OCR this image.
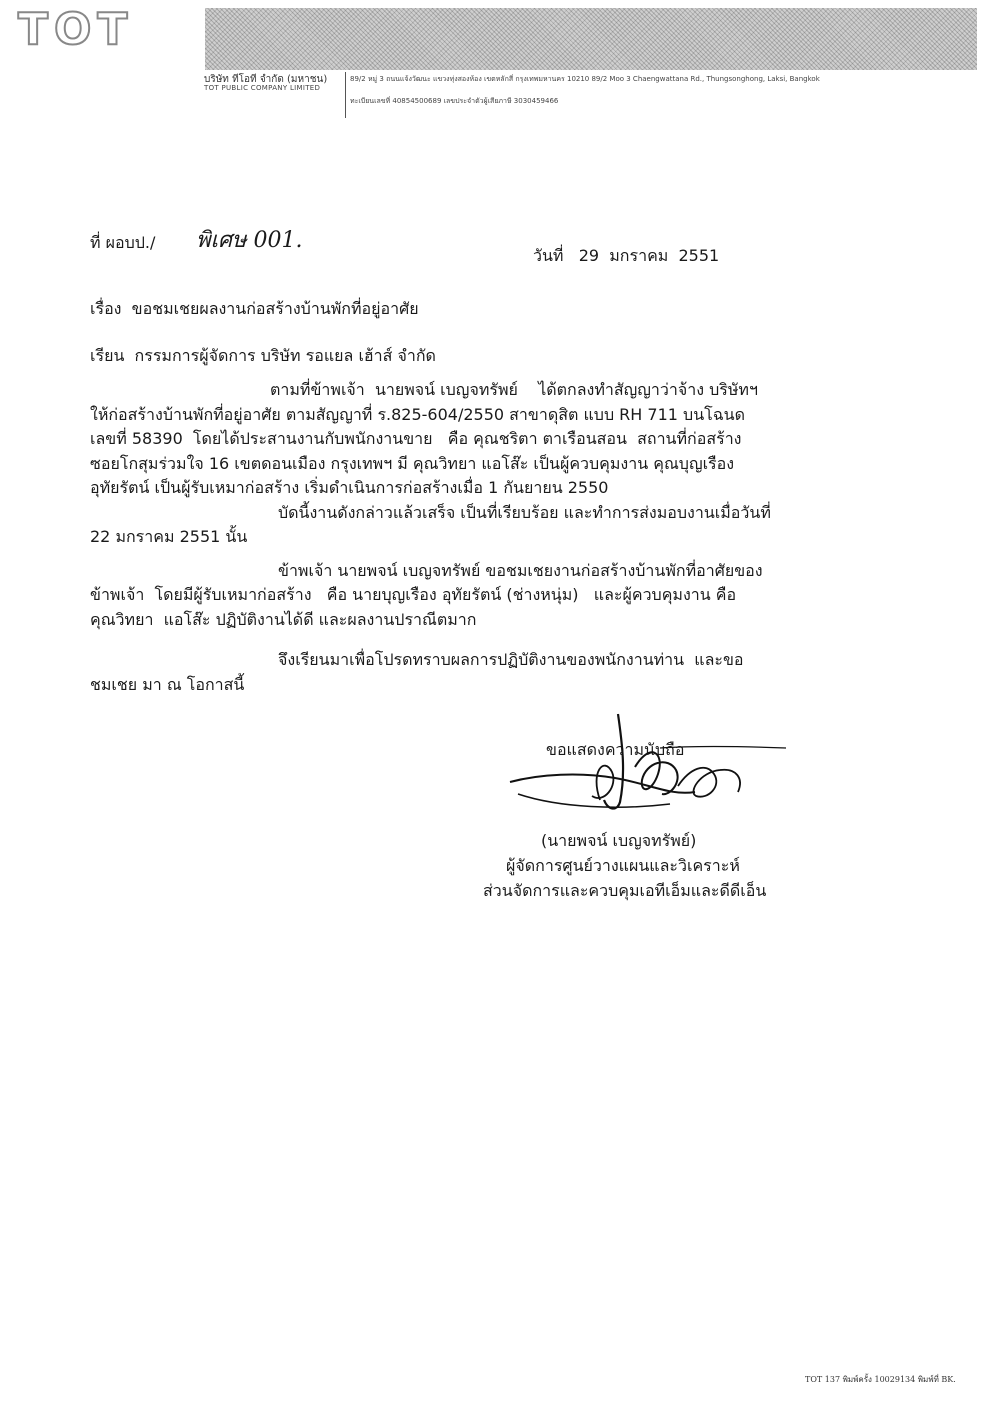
TOT
บริษัท ทีโอที จำกัด (มหาชน)
TOT PUBLIC COMPANY LIMITED
89/2 หมู่ 3 ถนนแจ้งวัฒนะ แขวงทุ่งสองห้อง เขตหลักสี่ กรุงเทพมหานคร 10210 89/2 Moo 3 Chaengwattana Rd., Thungsonghong, Laksi, Bangkok
ทะเบียนเลขที่ 40854500689 เลขประจำตัวผู้เสียภาษี 3030459466
ที่ ผอบป./ พิเศษ 001.
วันที่   29  มกราคม  2551
เรื่อง  ขอชมเชยผลงานก่อสร้างบ้านพักที่อยู่อาศัย
เรียน  กรรมการผู้จัดการ บริษัท รอแยล เฮ้าส์ จำกัด
ตามที่ข้าพเจ้า  นายพจน์ เบญจทรัพย์    ได้ตกลงทำสัญญาว่าจ้าง บริษัทฯ
ให้ก่อสร้างบ้านพักที่อยู่อาศัย ตามสัญญาที่ ร.825-604/2550 สาขาดุสิต แบบ RH 711 บนโฉนด
เลขที่ 58390  โดยได้ประสานงานกับพนักงานขาย   คือ คุณชริตา ตาเรือนสอน  สถานที่ก่อสร้าง
ซอยโกสุมร่วมใจ 16 เขตดอนเมือง กรุงเทพฯ มี คุณวิทยา แอโส๊ะ เป็นผู้ควบคุมงาน คุณบุญเรือง
อุทัยรัตน์ เป็นผู้รับเหมาก่อสร้าง เริ่มดำเนินการก่อสร้างเมื่อ 1 กันยายน 2550
บัดนี้งานดังกล่าวแล้วเสร็จ เป็นที่เรียบร้อย และทำการส่งมอบงานเมื่อวันที่
22 มกราคม 2551 นั้น
ข้าพเจ้า นายพจน์ เบญจทรัพย์ ขอชมเชยงานก่อสร้างบ้านพักที่อาศัยของ
ข้าพเจ้า  โดยมีผู้รับเหมาก่อสร้าง   คือ นายบุญเรือง อุทัยรัตน์ (ช่างหนุ่ม)   และผู้ควบคุมงาน คือ
คุณวิทยา  แอโส๊ะ ปฏิบัติงานได้ดี และผลงานปราณีตมาก
จึงเรียนมาเพื่อโปรดทราบผลการปฏิบัติงานของพนักงานท่าน  และขอ
ชมเชย มา ณ โอกาสนี้
ขอแสดงความนับถือ
(นายพจน์ เบญจทรัพย์)
ผู้จัดการศูนย์วางแผนและวิเคราะห์
ส่วนจัดการและควบคุมเอทีเอ็มและดีดีเอ็น
TOT 137 พิมพ์ครั้ง 10029134 พิมพ์ที่ BK.
